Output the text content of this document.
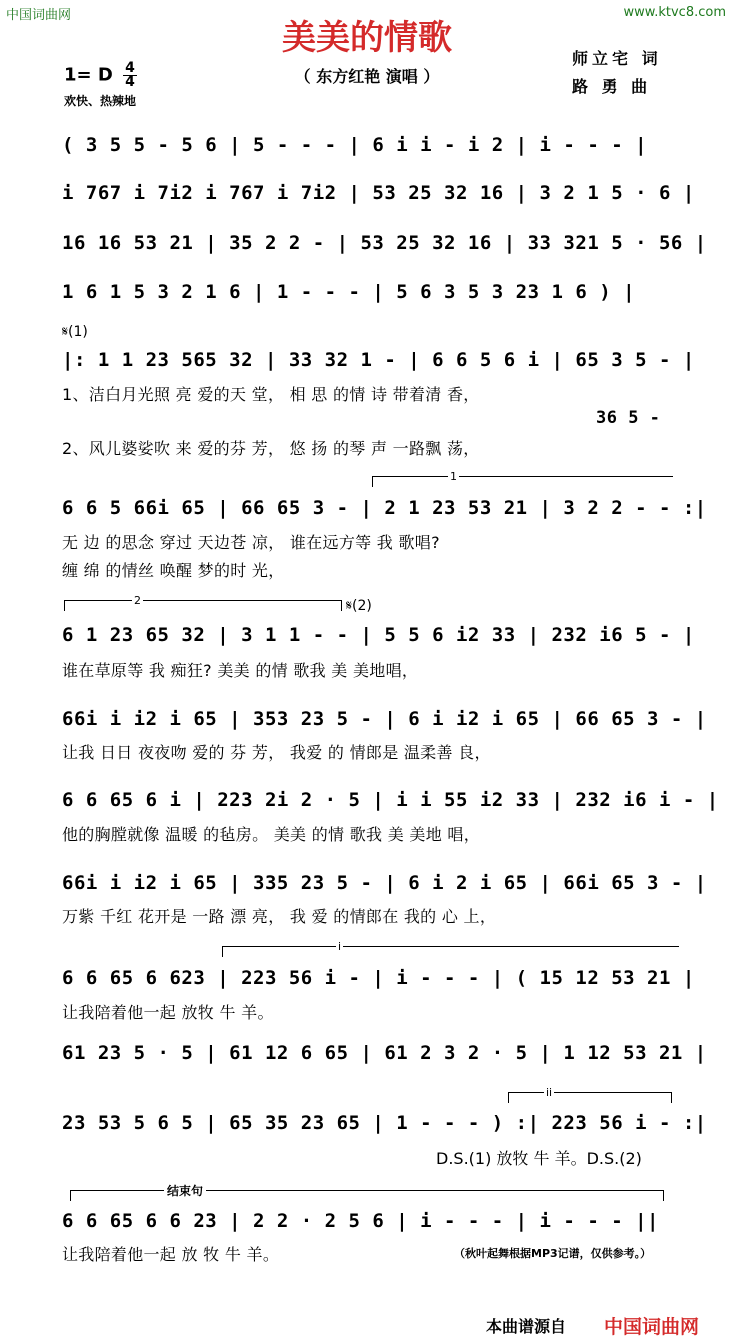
中国词曲网	www.ktvc8.com
美美的情歌
（ 东方红艳 演唱 ）
1= D $\frac{4}{4}$
欢快、热辣地
师立宅 词
路 勇 曲
( 3 5 5 - 5 6 | 5 - - - | 6 i i - i 2 | i - - - |
i 767 i 7i2 i 767 i 7i2 | 53 25 32 16 | 3 2 1 5 · 6 |
16 16 53 21 | 35 2 2 - | 53 25 32 16 | 33 321 5 · 56 |
1 6 1 5 3 2 1 6 | 1 - - - | 5 6 3 5 3 23 1 6 ) |
𝄋(1)
|: 1 1 23 565 32 | 33 32 1 - | 6 6 5 6 i | 65 3 5 - |
1、洁白月光照 亮 爱的天 堂， 相 思 的情 诗 带着清 香，
36 5 -
2、风儿婆娑吹 来 爱的芬 芳， 悠 扬 的琴 声 一路飘 荡，
1
6 6 5 66i 65 | 66 65 3 - | 2 1 23 53 21 | 3 2 2 - - :|
无 边 的思念 穿过 天边苍 凉， 谁在远方等 我 歌唱?
缠 绵 的情丝 唤醒 梦的时 光，
2	𝄋(2)
6 1 23 65 32 | 3 1 1 - - | 5 5 6 i2 33 | 232 i6 5 - |
谁在草原等 我 痴狂? 美美 的情 歌我 美 美地唱，
66i i i2 i 65 | 353 23 5 - | 6 i i2 i 65 | 66 65 3 - |
让我 日日 夜夜吻 爱的 芬 芳， 我爱 的 情郎是 温柔善 良，
6 6 65 6 i | 223 2i 2 · 5 | i i 55 i2 33 | 232 i6 i - |
他的胸膛就像 温暖 的毡房。 美美 的情 歌我 美 美地 唱，
66i i i2 i 65 | 335 23 5 - | 6 i 2 i 65 | 66i 65 3 - |
万紫 千红 花开是 一路 漂 亮， 我 爱 的情郎在 我的 心 上，
i
6 6 65 6 623 | 223 56 i - | i - - - | ( 15 12 53 21 |
让我陪着他一起 放牧 牛 羊。
61 23 5 · 5 | 61 12 6 65 | 61 2 3 2 · 5 | 1 12 53 21 |
ii
23 53 5 6 5 | 65 35 23 65 | 1 - - - ) :| 223 56 i - :|
D.S.(1) 放牧 牛 羊。D.S.(2)
结束句
6 6 65 6 6 23 | 2 2 · 2 5 6 | i - - - | i - - - ||
让我陪着他一起 放 牧 牛 羊。	（秋叶起舞根据MP3记谱，仅供参考。）
本曲谱源自 中国词曲网
